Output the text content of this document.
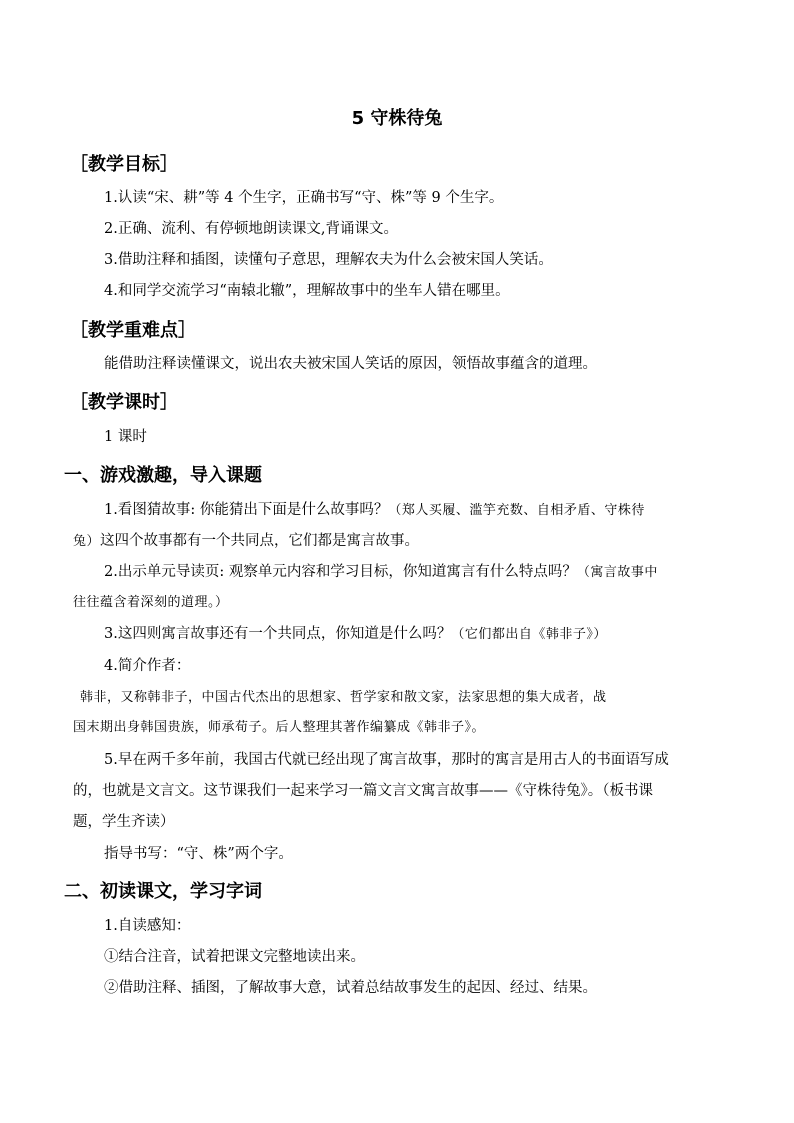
5 守株待兔
［教学目标］
1.认读“宋、耕”等 4 个生字，正确书写“守、株”等 9 个生字。
2.正确、流利、有停顿地朗读课文,背诵课文。
3.借助注释和插图，读懂句子意思，理解农夫为什么会被宋国人笑话。
4.和同学交流学习“南辕北辙”，理解故事中的坐车人错在哪里。
［教学重难点］
能借助注释读懂课文，说出农夫被宋国人笑话的原因，领悟故事蕴含的道理。
［教学课时］
1 课时
一、游戏激趣，导入课题
1.看图猜故事: 你能猜出下面是什么故事吗？（郑人买履、滥竽充数、自相矛盾、守株待
兔）这四个故事都有一个共同点，它们都是寓言故事。
2.出示单元导读页: 观察单元内容和学习目标，你知道寓言有什么特点吗？（寓言故事中
往往蕴含着深刻的道理。）
3.这四则寓言故事还有一个共同点，你知道是什么吗？（它们都出自《韩非子》）
4.简介作者：
韩非，又称韩非子，中国古代杰出的思想家、哲学家和散文家，法家思想的集大成者，战
国末期出身韩国贵族，师承荀子。后人整理其著作编纂成《韩非子》。
5.早在两千多年前，我国古代就已经出现了寓言故事，那时的寓言是用古人的书面语写成
的，也就是文言文。这节课我们一起来学习一篇文言文寓言故事——《守株待兔》。（板书课
题，学生齐读）
指导书写：“守、株”两个字。
二、初读课文，学习字词
1.自读感知：
①结合注音，试着把课文完整地读出来。
②借助注释、插图，了解故事大意，试着总结故事发生的起因、经过、结果。
